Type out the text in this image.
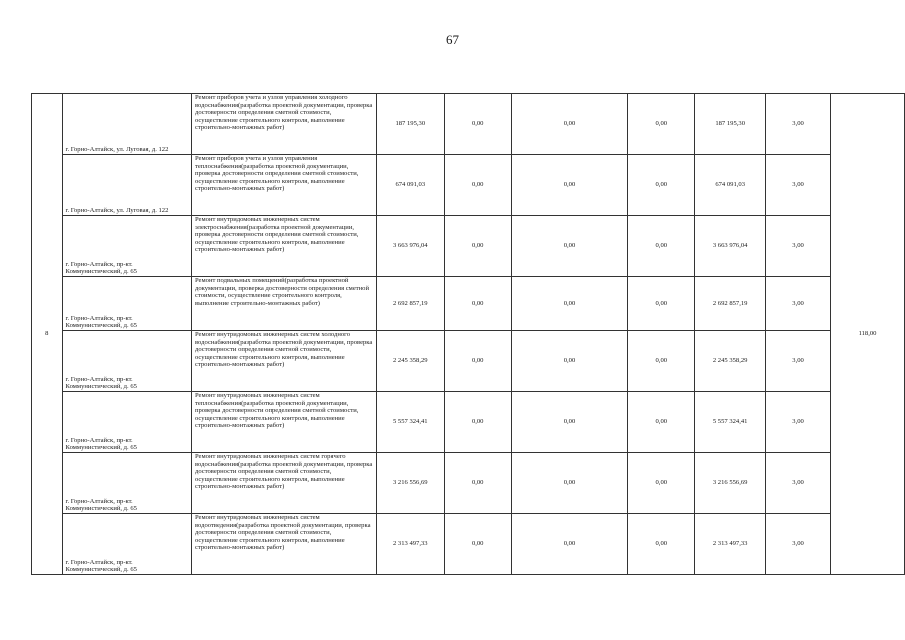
67
8	г. Горно-Алтайск, ул. Луговая, д. 122	Ремонт приборов учета и узлов управления холодного водоснабжения(разработка проектной документации, проверка достоверности определения сметной стоимости, осуществление строительного контроля, выполнение строительно-монтажных работ)	187 195,30	0,00	0,00	0,00	187 195,30	3,00	118,00
	г. Горно-Алтайск, ул. Луговая, д. 122	Ремонт приборов учета и узлов управления теплоснабжения(разработка проектной документации, проверка достоверности определения сметной стоимости, осуществление строительного контроля, выполнение строительно-монтажных работ)	674 091,03	0,00	0,00	0,00	674 091,03	3,00	
	г. Горно-Алтайск, пр-кт. Коммунистический, д. 65	Ремонт внутридомовых инженерных систем электроснабжения(разработка проектной документации, проверка достоверности определения сметной стоимости, осуществление строительного контроля, выполнение строительно-монтажных работ)	3 663 976,04	0,00	0,00	0,00	3 663 976,04	3,00	
	г. Горно-Алтайск, пр-кт. Коммунистический, д. 65	Ремонт подвальных помещений(разработка проектной документации, проверка достоверности определения сметной стоимости, осуществление строительного контроля, выполнение строительно-монтажных работ)	2 692 857,19	0,00	0,00	0,00	2 692 857,19	3,00	
	г. Горно-Алтайск, пр-кт. Коммунистический, д. 65	Ремонт внутридомовых инженерных систем холодного водоснабжения(разработка проектной документации, проверка достоверности определения сметной стоимости, осуществление строительного контроля, выполнение строительно-монтажных работ)	2 245 358,29	0,00	0,00	0,00	2 245 358,29	3,00	
	г. Горно-Алтайск, пр-кт. Коммунистический, д. 65	Ремонт внутридомовых инженерных систем теплоснабжения(разработка проектной документации, проверка достоверности определения сметной стоимости, осуществление строительного контроля, выполнение строительно-монтажных работ)	5 557 324,41	0,00	0,00	0,00	5 557 324,41	3,00	
	г. Горно-Алтайск, пр-кт. Коммунистический, д. 65	Ремонт внутридомовых инженерных систем горячего водоснабжения(разработка проектной документации, проверка достоверности определения сметной стоимости, осуществление строительного контроля, выполнение строительно-монтажных работ)	3 216 556,69	0,00	0,00	0,00	3 216 556,69	3,00	
	г. Горно-Алтайск, пр-кт. Коммунистический, д. 65	Ремонт внутридомовых инженерных систем водоотведения(разработка проектной документации, проверка достоверности определения сметной стоимости, осуществление строительного контроля, выполнение строительно-монтажных работ)	2 313 497,33	0,00	0,00	0,00	2 313 497,33	3,00	
